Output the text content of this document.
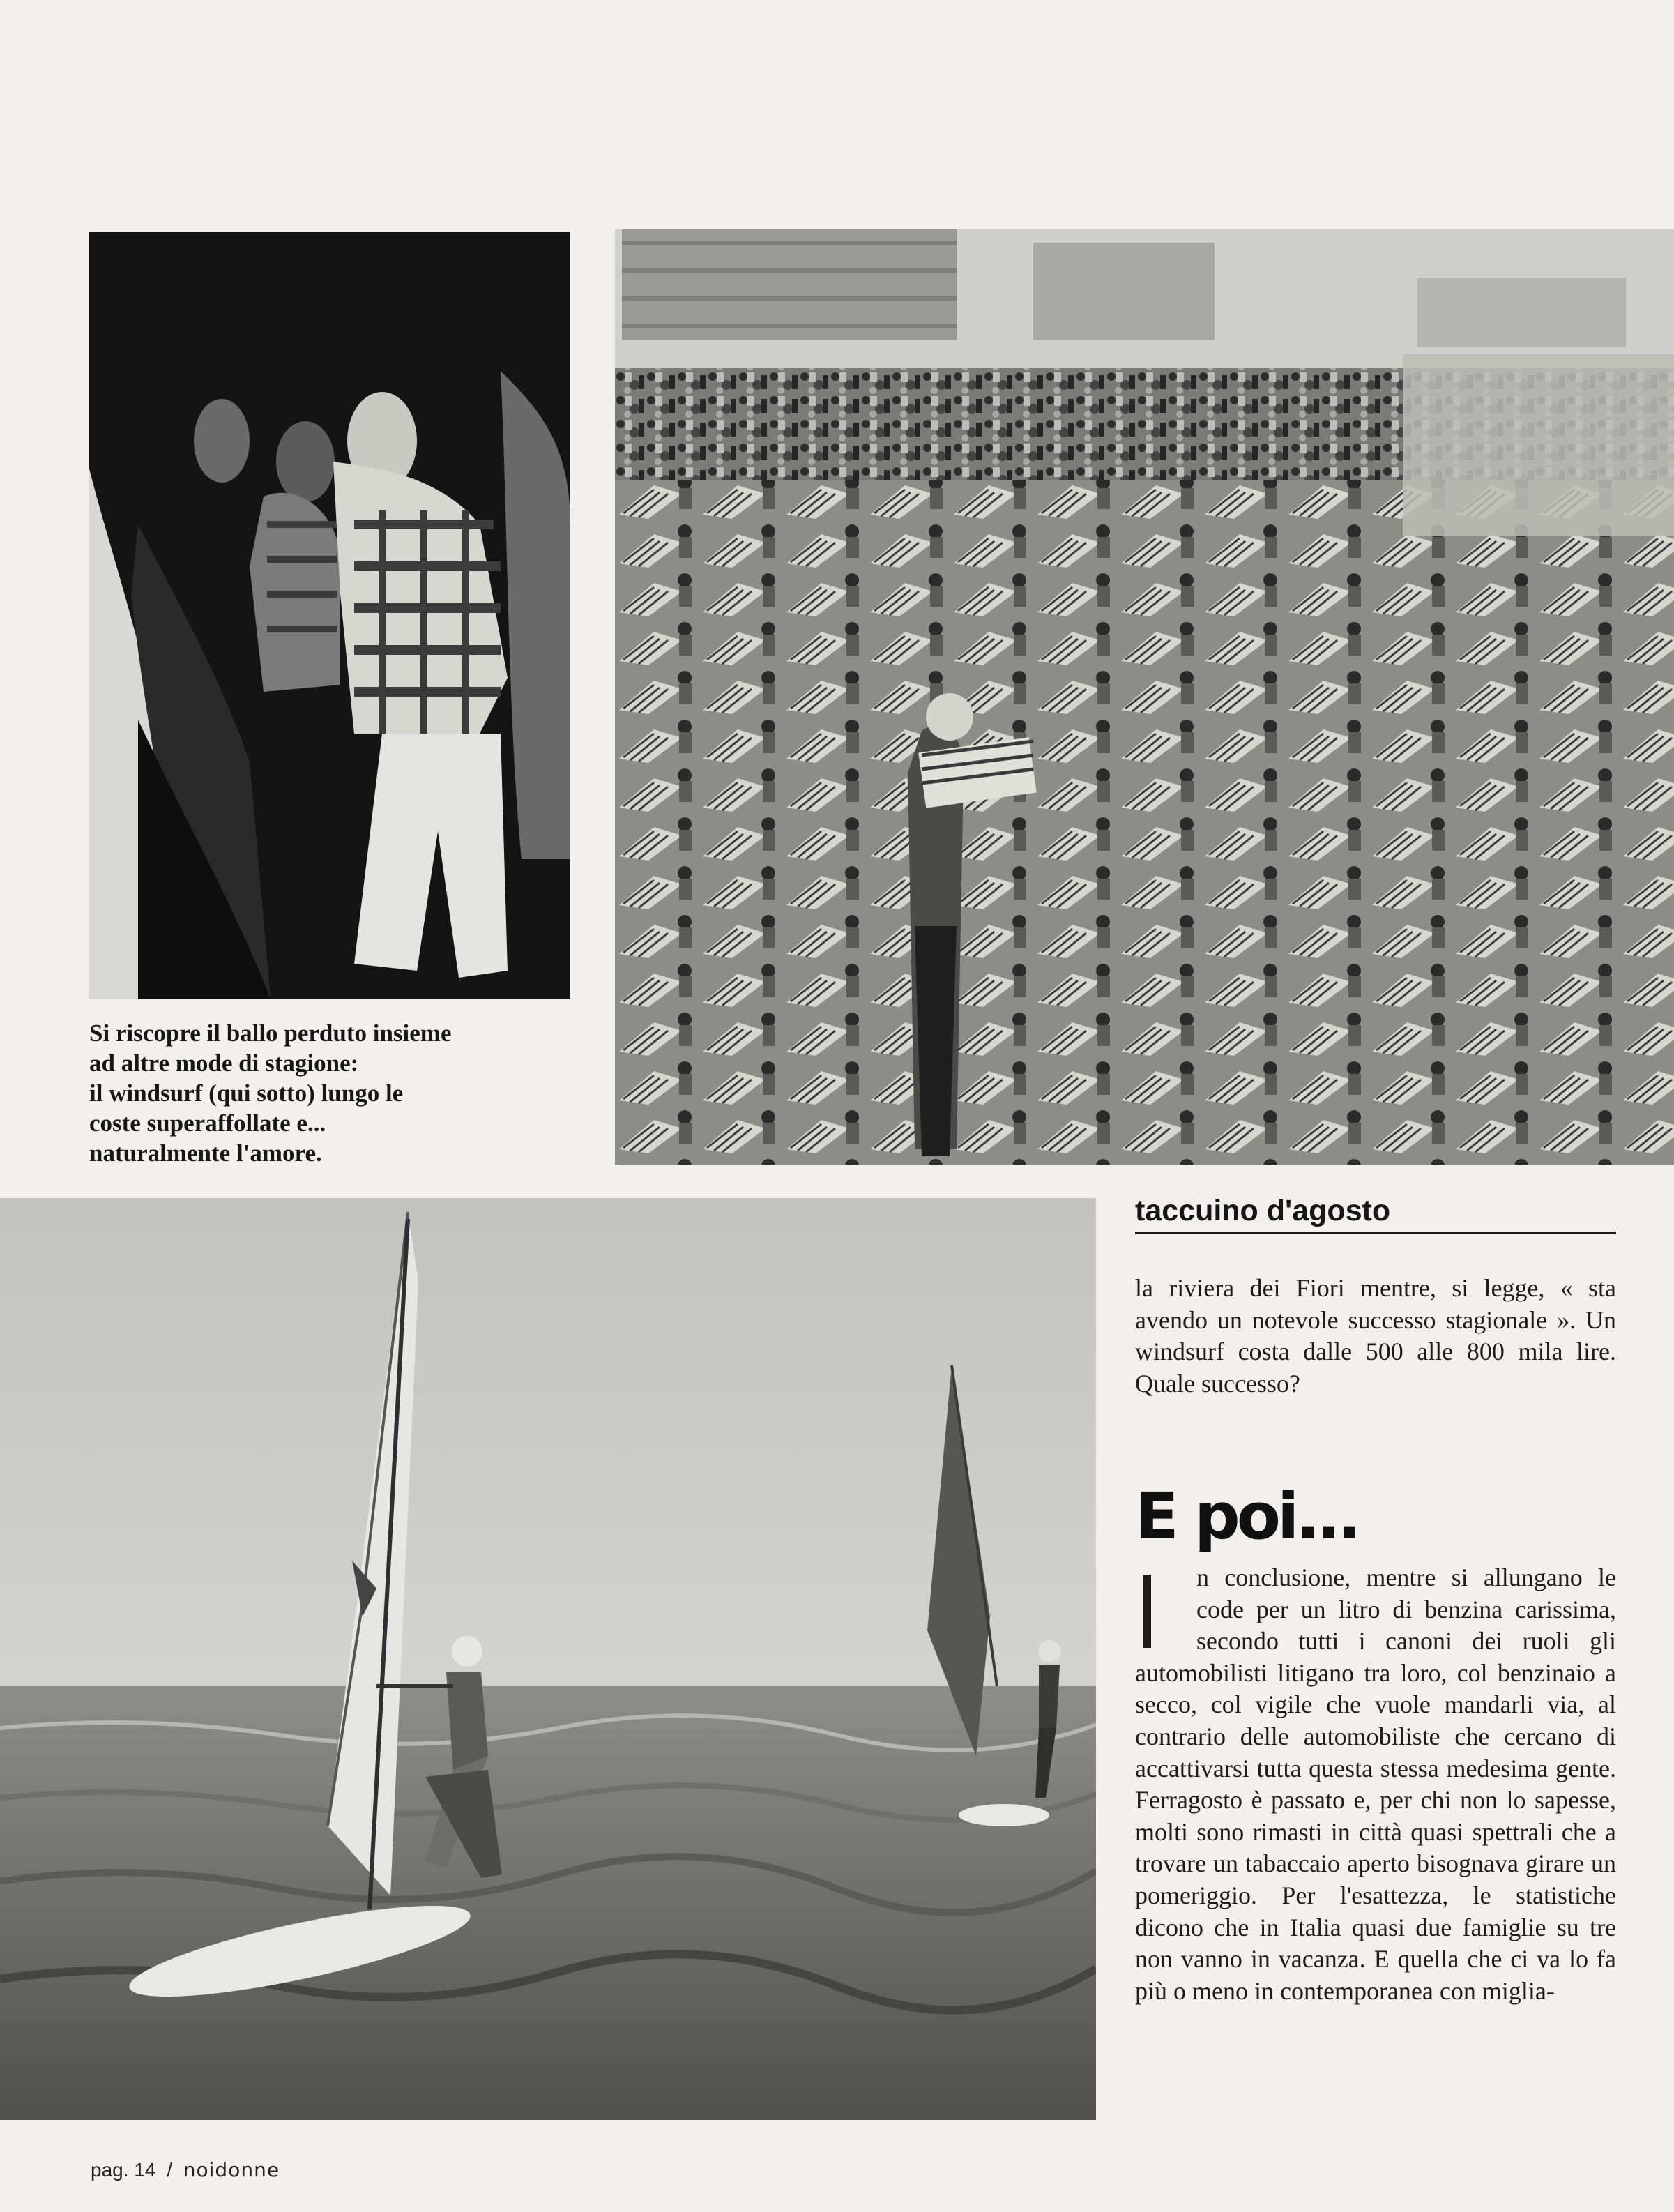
Si riscopre il ballo perduto insieme
ad altre mode di stagione:
il windsurf (qui sotto) lungo le
coste superaffollate e...
naturalmente l'amore.
taccuino d'agosto
la riviera dei Fiori mentre, si legge, « sta avendo un notevole successo stagionale ». Un windsurf costa dalle 500 alle 800 mila lire. Quale successo?
E poi...
n conclusione, mentre si allungano le code per un litro di benzina carissima, secondo tutti i canoni dei ruoli gli automobilisti litigano tra loro, col benzinaio a secco, col vigile che vuole mandarli via, al contrario delle automobiliste che cercano di accattivarsi tutta questa stessa medesima gente. Ferragosto è passato e, per chi non lo sapesse, molti sono rimasti in città quasi spettrali che a trovare un tabaccaio aperto bisognava girare un pomeriggio. Per l'esattezza, le statistiche dicono che in Italia quasi due famiglie su tre non vanno in vacanza. E quella che ci va lo fa più o meno in contemporanea con miglia-
pag. 14 / noidonne
